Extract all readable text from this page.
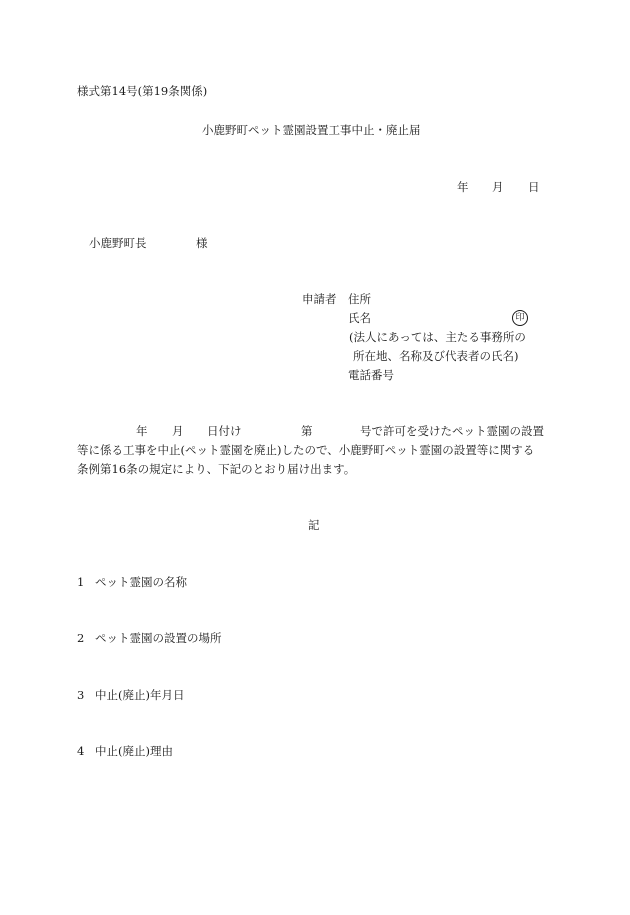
様式第14号(第19条関係)
小鹿野町ペット霊園設置工事中止・廃止届
年 月 日
小鹿野町長	様
申請者 住所
氏名	印
(法人にあっては、主たる事務所の
所在地、名称及び代表者の氏名)
電話番号
年 月 日付け	第	号で許可を受けたペット霊園の設置
等に係る工事を中止(ペット霊園を廃止)したので、小鹿野町ペット霊園の設置等に関する
条例第16条の規定により、下記のとおり届け出ます。
記
1 ペット霊園の名称
2 ペット霊園の設置の場所
3 中止(廃止)年月日
4 中止(廃止)理由
